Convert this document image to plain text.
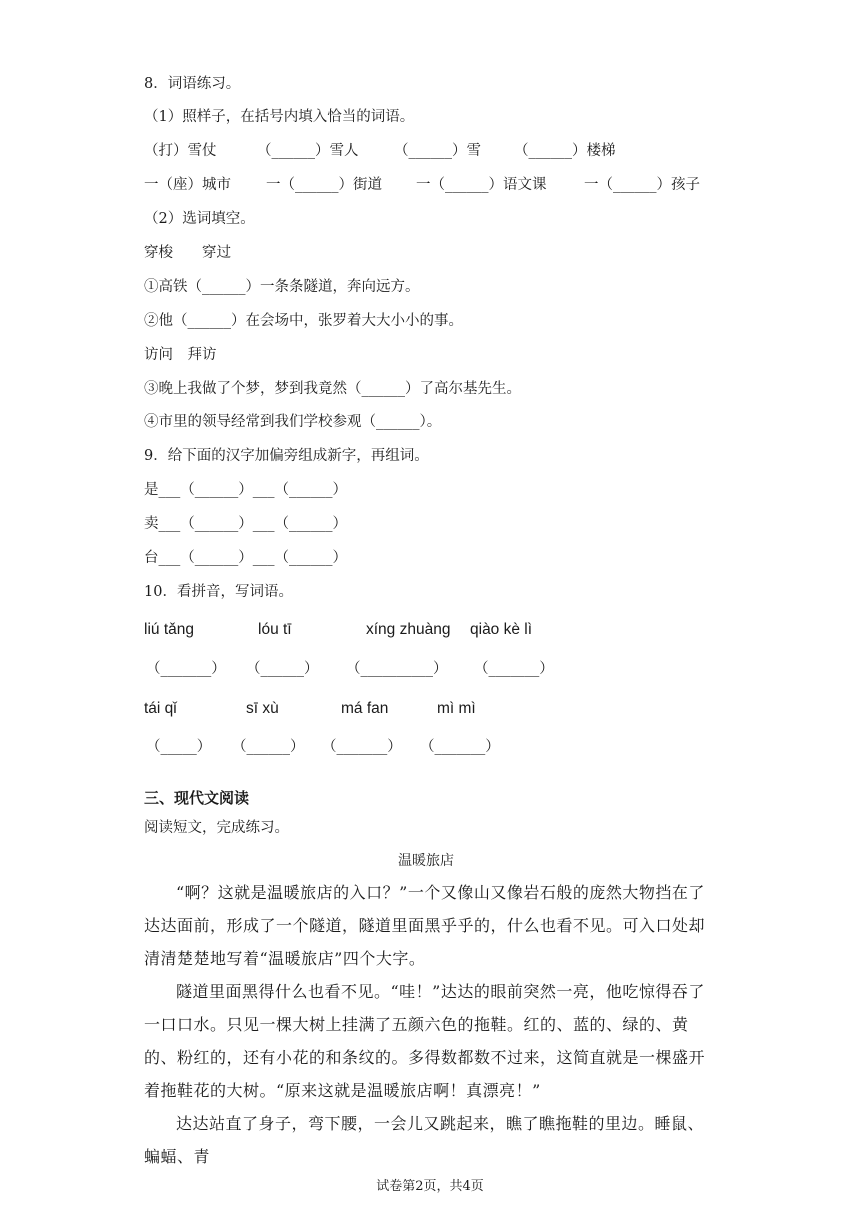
8．词语练习。
（1）照样子，在括号内填入恰当的词语。
（打）雪仗	（______）雪人 （______）雪 （______）楼梯
一（座）城市 一（______）街道 一（______）语文课	一（______）孩子
（2）选词填空。
穿梭　　穿过
①高铁（______）一条条隧道，奔向远方。
②他（______）在会场中，张罗着大大小小的事。
访问　拜访
③晚上我做了个梦，梦到我竟然（______）了高尔基先生。
④市里的领导经常到我们学校参观（______）。
9．给下面的汉字加偏旁组成新字，再组词。
是___（______）___（______）
卖___（______）___（______）
台___（______）___（______）
10．看拼音，写词语。
liú tǎng	lóu tī	xíng zhuàng qiào kè lì
（_______） （______） （__________） （_______）
tái qǐ	sī xù	má fan	mì mì
（_____） （______） （_______） （_______）
三、现代文阅读
阅读短文，完成练习。
温暖旅店
“啊？这就是温暖旅店的入口？”一个又像山又像岩石般的庞然大物挡在了达达面前，形成了一个隧道，隧道里面黑乎乎的，什么也看不见。可入口处却清清楚楚地写着“温暖旅店”四个大字。
隧道里面黑得什么也看不见。“哇！”达达的眼前突然一亮，他吃惊得吞了一口口水。只见一棵大树上挂满了五颜六色的拖鞋。红的、蓝的、绿的、黄的、粉红的，还有小花的和条纹的。多得数都数不过来，这简直就是一棵盛开着拖鞋花的大树。“原来这就是温暖旅店啊！真漂亮！”
达达站直了身子，弯下腰，一会儿又跳起来，瞧了瞧拖鞋的里边。睡鼠、蝙蝠、青
试卷第2页，共4页
